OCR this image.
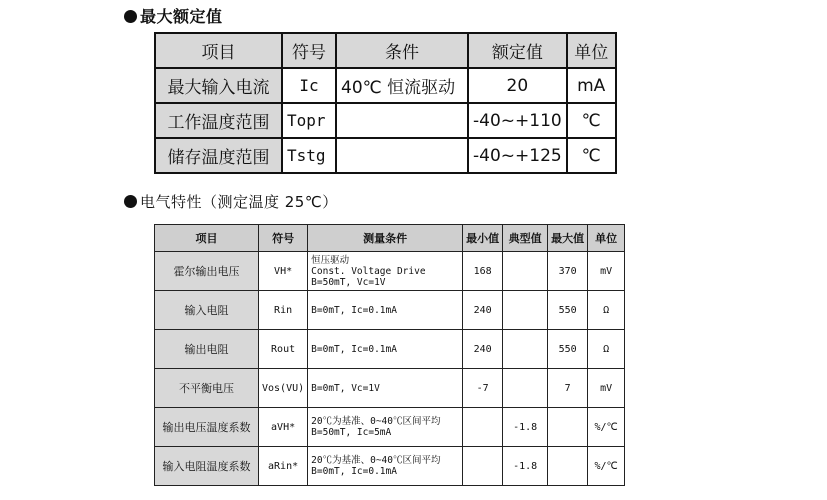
最大额定值
项目	符号	条件	额定值	单位
最大输入电流	Ic	40℃ 恒流驱动	20	mA
工作温度范围	Topr		-40~+110	℃
储存温度范围	Tstg		-40~+125	℃
电气特性（测定温度 25℃）
项目	符号	测量条件	最小值	典型值	最大值	单位
霍尔输出电压	VH*	恒压驱动
Const. Voltage Drive
B=50mT, Vc=1V	168		370	mV
输入电阻	Rin	B=0mT, Ic=0.1mA	240		550	Ω
输出电阻	Rout	B=0mT, Ic=0.1mA	240		550	Ω
不平衡电压	Vos(VU)	B=0mT, Vc=1V	-7		7	mV
输出电压温度系数	aVH*	20℃为基准、0~40℃区间平均
B=50mT, Ic=5mA		-1.8		%/℃
输入电阻温度系数	aRin*	20℃为基准、0~40℃区间平均
B=0mT, Ic=0.1mA		-1.8		%/℃
